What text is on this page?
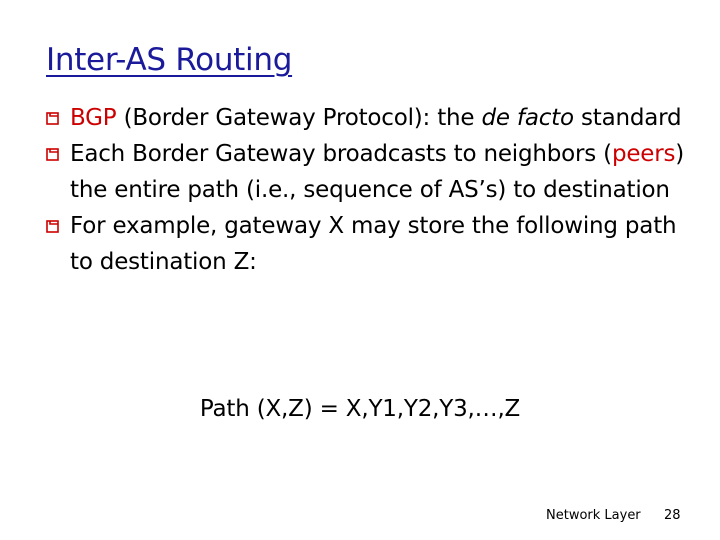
Inter-AS Routing

BGP (Border Gateway Protocol): the de facto standard

Each Border Gateway broadcasts to neighbors (peers) the entire path (i.e., sequence of AS’s) to destination

For example, gateway X may store the following path to destination Z:

Path (X,Z) = X,Y1,Y2,Y3,…,Z
Network Layer 28
